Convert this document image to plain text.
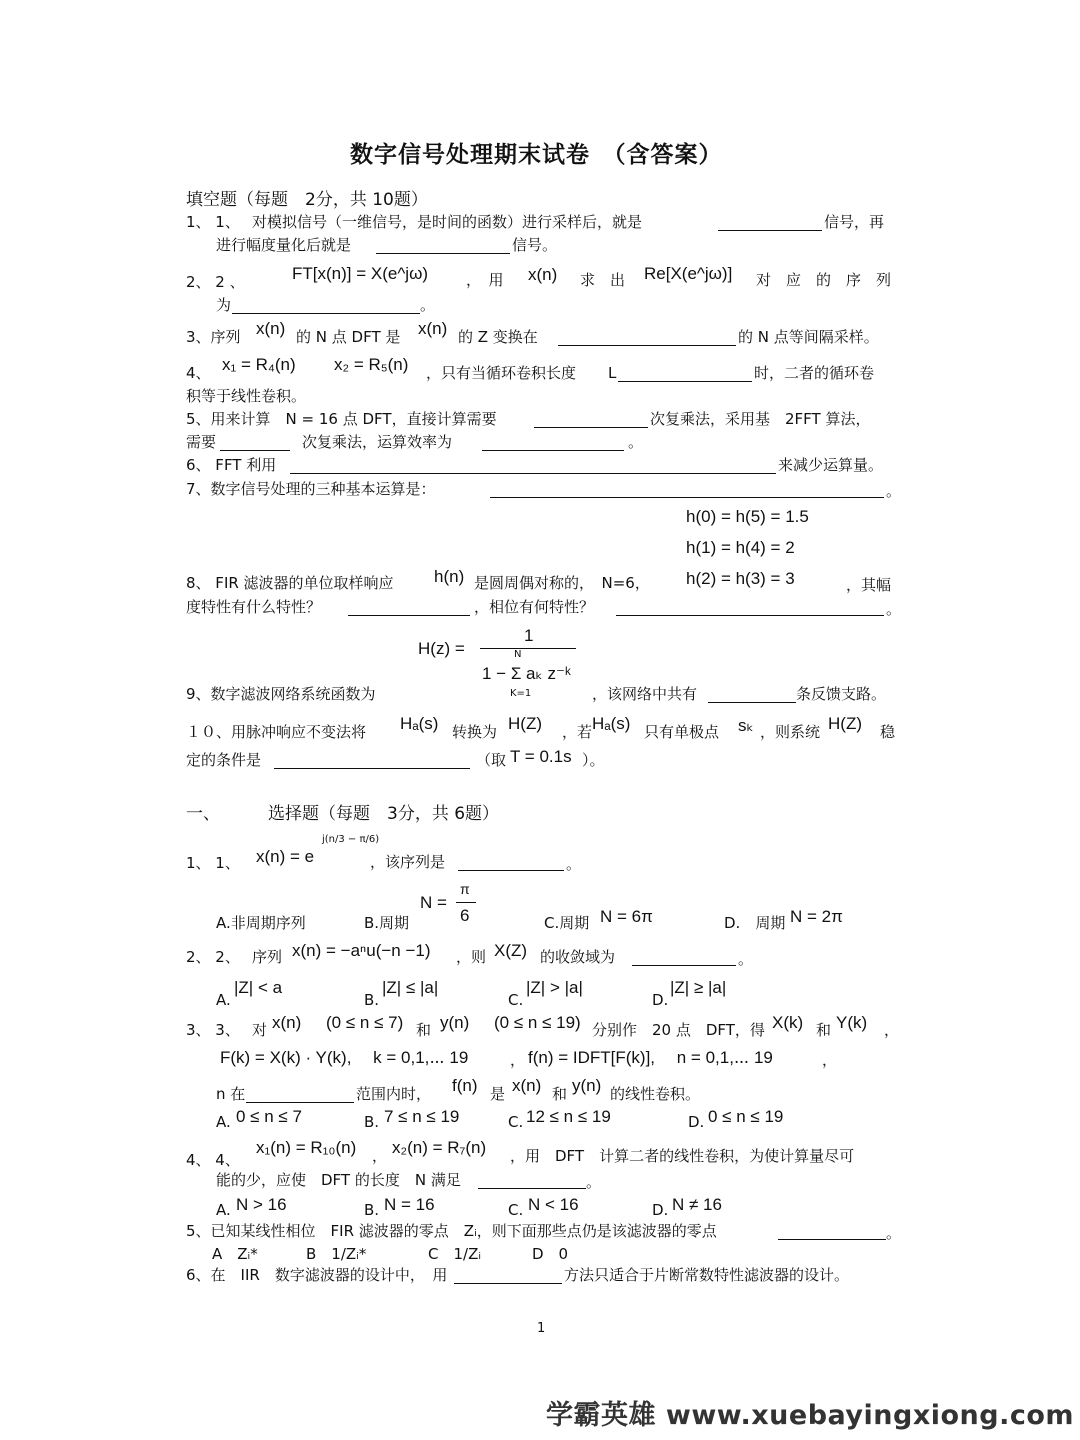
数字信号处理期末试卷　（含答案）
填空题（每题　2分，共 10题）
1、 1、 对模拟信号（一维信号，是时间的函数）进行采样后，就是	信号，再
进行幅度量化后就是	信号。
2、 2 、	FT[x(n)] = X(e^jω)	，　用 x(n) 求　出 Re[X(e^jω)] 对　应　的　序　列
为	。
3、序列 x(n) 的 N 点 DFT 是 x(n) 的 Z 变换在	的 N 点等间隔采样。
4、 x₁ = R₄(n) x₂ = R₅(n) ，只有当循环卷积长度 L	时，二者的循环卷
积等于线性卷积。
5、用来计算　N = 16 点 DFT，直接计算需要	次复乘法，采用基　2FFT 算法，
需要	次复乘法，运算效率为	。
6、 FFT 利用	来减少运算量。
7、数字信号处理的三种基本运算是：	。
h(0) = h(5) = 1.5
h(1) = h(4) = 2
h(2) = h(3) = 3
8、 FIR 滤波器的单位取样响应 h(n) 是圆周偶对称的，　N=6，	，其幅
度特性有什么特性？	，相位有何特性？	。
H(z) =
1
N
1 − Σ aₖ z⁻ᵏ
K=1
9、数字滤波网络系统函数为	，该网络中共有	条反馈支路。
１０、用脉冲响应不变法将 Hₐ(s) 转换为 H(Z) ，若 Hₐ(s) 只有单极点 sₖ ，则系统 H(Z) 稳
定的条件是	（取 T = 0.1s ）。
一、	选择题（每题　3分，共 6题）
1、 1、 x(n) = e
j(n/3 − π/6)
，该序列是	。
N =
π
6
A.非周期序列	B.周期	C.周期 N = 6π	D.　周期 N = 2π
2、 2、 序列 x(n) = −aⁿu(−n −1) ，则 X(Z) 的收敛域为	。
A.
|Z| < a
B.
|Z| ≤ |a|
C.
|Z| > |a|
D.
|Z| ≥ |a|
3、 3、 对 x(n) (0 ≤ n ≤ 7) 和 y(n) (0 ≤ n ≤ 19) 分别作　20 点　DFT，得 X(k) 和 Y(k) ，
F(k) = X(k) · Y(k),　 k = 0,1,⋯ 19	， f(n) = IDFT[F(k)],　 n = 0,1,⋯ 19	，
n 在	范围内时， f(n) 是 x(n) 和 y(n) 的线性卷积。
A. 0 ≤ n ≤ 7	B. 7 ≤ n ≤ 19	C. 12 ≤ n ≤ 19	D. 0 ≤ n ≤ 19
4、 4、
x₁(n) = R₁₀(n) ， x₂(n) = R₇(n) ，用　DFT　计算二者的线性卷积，为使计算量尽可
能的少，应使　DFT 的长度　N 满足	。
A. N > 16	B. N = 16	C. N < 16	D. N ≠ 16
5、已知某线性相位　FIR 滤波器的零点　Zᵢ，则下面那些点仍是该滤波器的零点	。
A　Zᵢ*	B　1/Zᵢ*	C　1/Zᵢ	D　0
6、在　IIR　数字滤波器的设计中，　用	方法只适合于片断常数特性滤波器的设计。
1
学霸英雄 www.xuebayingxiong.com
